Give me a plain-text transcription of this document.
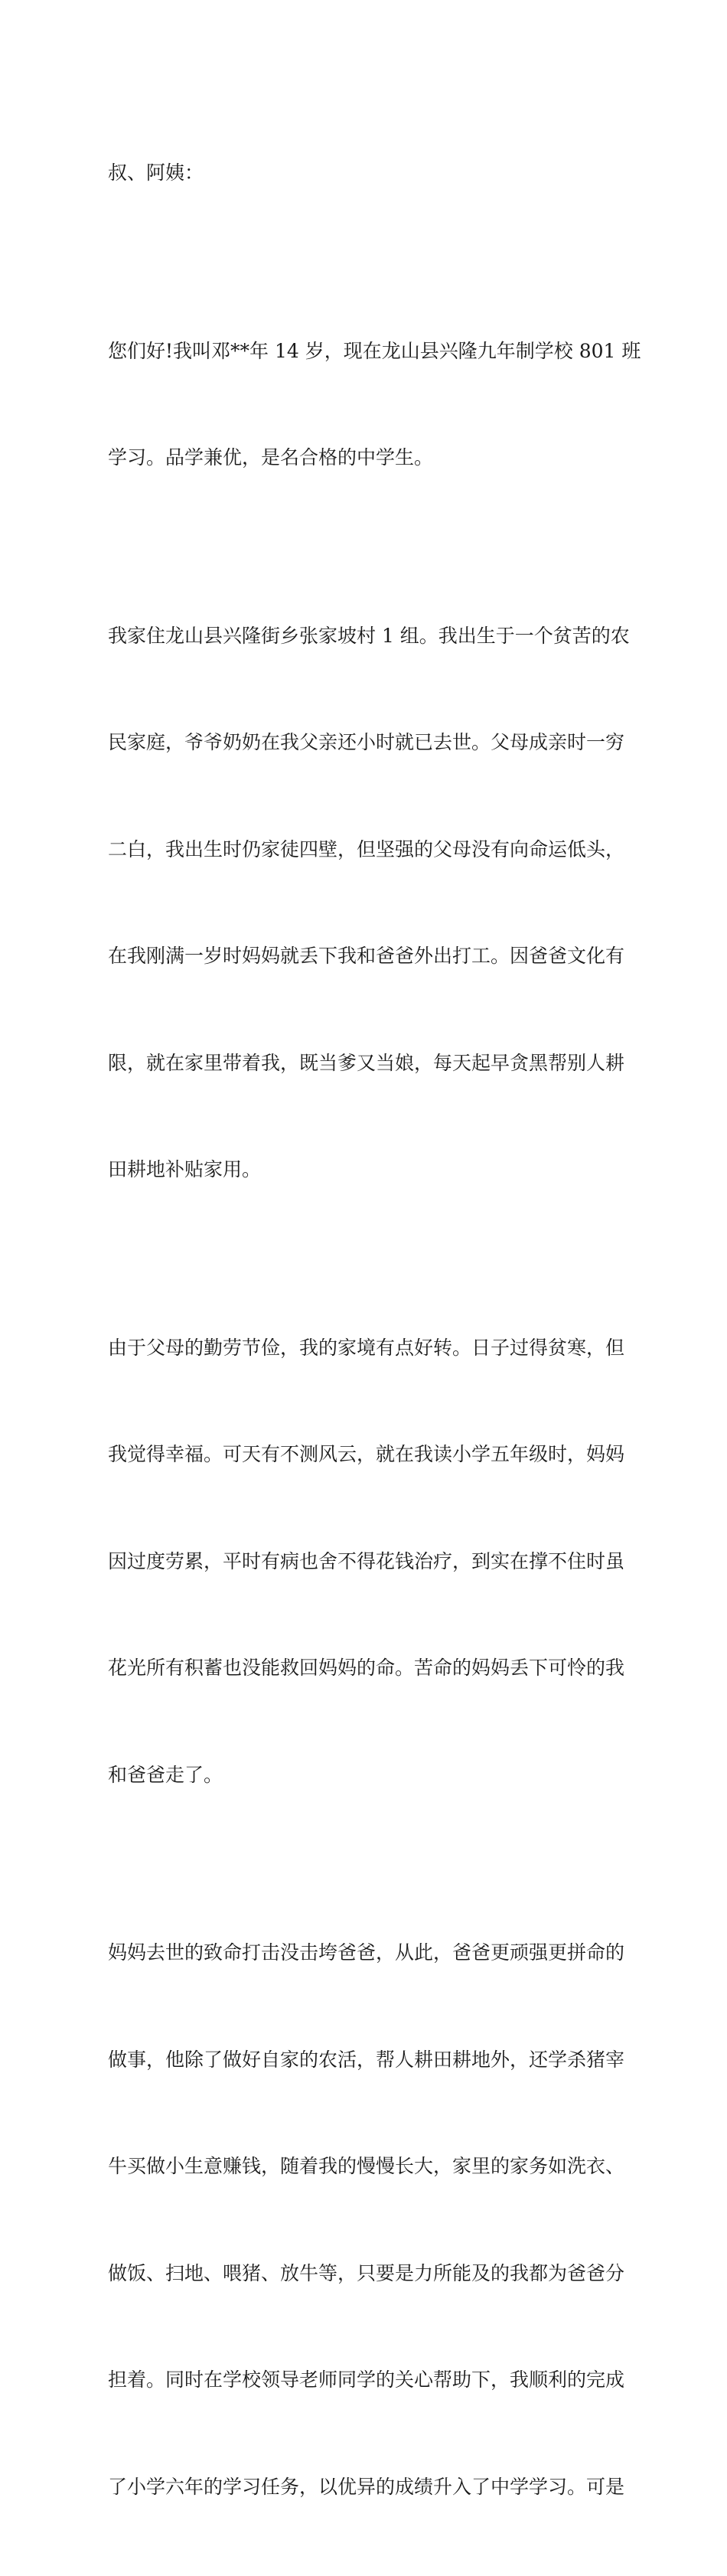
叔、阿姨：

您们好!我叫邓**年 14 岁，现在龙山县兴隆九年制学校 801 班

学习。品学兼优，是名合格的中学生。

我家住龙山县兴隆街乡张家坡村 1 组。我出生于一个贫苦的农

民家庭，爷爷奶奶在我父亲还小时就已去世。父母成亲时一穷

二白，我出生时仍家徒四壁，但坚强的父母没有向命运低头，

在我刚满一岁时妈妈就丢下我和爸爸外出打工。因爸爸文化有

限，就在家里带着我，既当爹又当娘，每天起早贪黑帮别人耕

田耕地补贴家用。

由于父母的勤劳节俭，我的家境有点好转。日子过得贫寒，但

我觉得幸福。可天有不测风云，就在我读小学五年级时，妈妈

因过度劳累，平时有病也舍不得花钱治疗，到实在撑不住时虽

花光所有积蓄也没能救回妈妈的命。苦命的妈妈丢下可怜的我

和爸爸走了。

妈妈去世的致命打击没击垮爸爸，从此，爸爸更顽强更拼命的

做事，他除了做好自家的农活，帮人耕田耕地外，还学杀猪宰

牛买做小生意赚钱，随着我的慢慢长大，家里的家务如洗衣、

做饭、扫地、喂猪、放牛等，只要是力所能及的我都为爸爸分

担着。同时在学校领导老师同学的关心帮助下，我顺利的完成

了小学六年的学习任务，以优异的成绩升入了中学学习。可是
